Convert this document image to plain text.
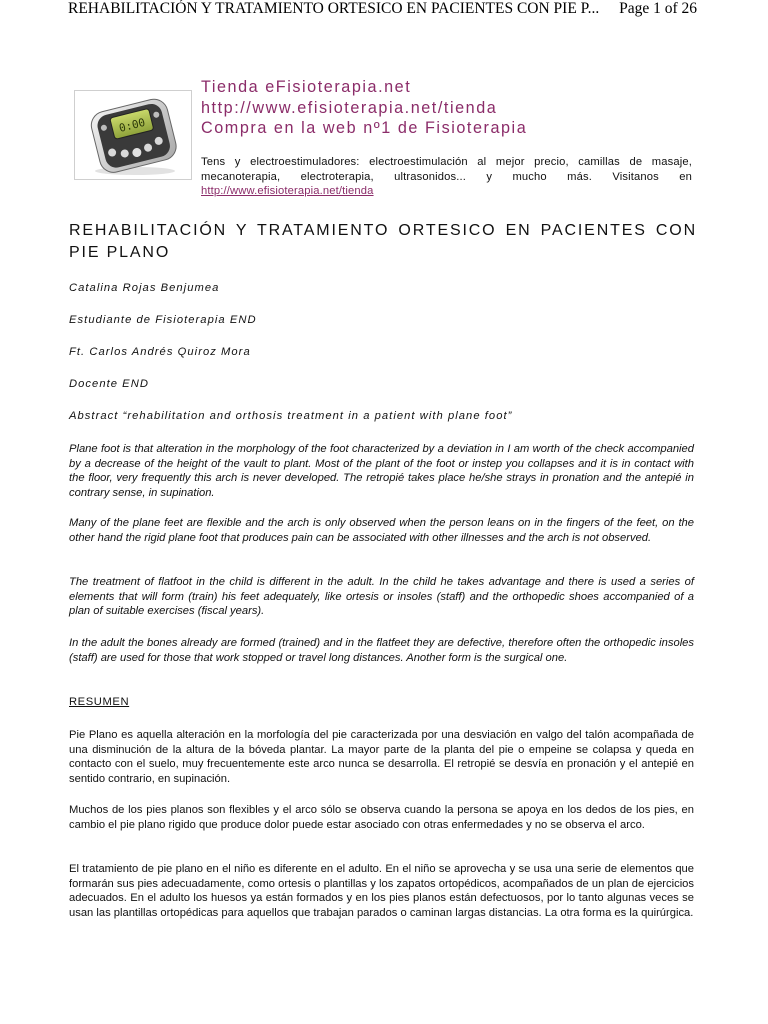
REHABILITACIÓN Y TRATAMIENTO ORTESICO EN PACIENTES CON PIE P... Page 1 of 26
0:00
Tienda eFisioterapia.net
http://www.efisioterapia.net/tienda
Compra en la web nº1 de Fisioterapia
Tens y electroestimuladores: electroestimulación al mejor precio, camillas de masaje, mecanoterapia, electroterapia, ultrasonidos... y mucho más. Visitanos en http://www.efisioterapia.net/tienda
REHABILITACIÓN Y TRATAMIENTO ORTESICO EN PACIENTES CON PIE PLANO
Catalina Rojas Benjumea
Estudiante de Fisioterapia END
Ft. Carlos Andrés Quiroz Mora
Docente END
Abstract “rehabilitation and orthosis treatment in a patient with plane foot”
Plane foot is that alteration in the morphology of the foot characterized by a deviation in I am worth of the check accompanied by a decrease of the height of the vault to plant. Most of the plant of the foot or instep you collapses and it is in contact with the floor, very frequently this arch is never developed. The retropié takes place he/she strays in pronation and the antepié in contrary sense, in supination.
Many of the plane feet are flexible and the arch is only observed when the person leans on in the fingers of the feet, on the other hand the rigid plane foot that produces pain can be associated with other illnesses and the arch is not observed.
The treatment of flatfoot in the child is different in the adult. In the child he takes advantage and there is used a series of elements that will form (train) his feet adequately, like ortesis or insoles (staff) and the orthopedic shoes accompanied of a plan of suitable exercises (fiscal years).
In the adult the bones already are formed (trained) and in the flatfeet they are defective, therefore often the orthopedic insoles (staff) are used for those that work stopped or travel long distances. Another form is the surgical one.
RESUMEN
Pie Plano es aquella alteración en la morfología del pie caracterizada por una desviación en valgo del talón acompañada de una disminución de la altura de la bóveda plantar. La mayor parte de la planta del pie o empeine se colapsa y queda en contacto con el suelo, muy frecuentemente este arco nunca se desarrolla. El retropié se desvía en pronación y el antepié en sentido contrario, en supinación.
Muchos de los pies planos son flexibles y el arco sólo se observa cuando la persona se apoya en los dedos de los pies, en cambio el pie plano rigido que produce dolor puede estar asociado con otras enfermedades y no se observa el arco.
El tratamiento de pie plano en el niño es diferente en el adulto. En el niño se aprovecha y se usa una serie de elementos que formarán sus pies adecuadamente, como ortesis o plantillas y los zapatos ortopédicos, acompañados de un plan de ejercicios adecuados. En el adulto los huesos ya están formados y en los pies planos están defectuosos, por lo tanto algunas veces se usan las plantillas ortopédicas para aquellos que trabajan parados o caminan largas distancias. La otra forma es la quirúrgica.
